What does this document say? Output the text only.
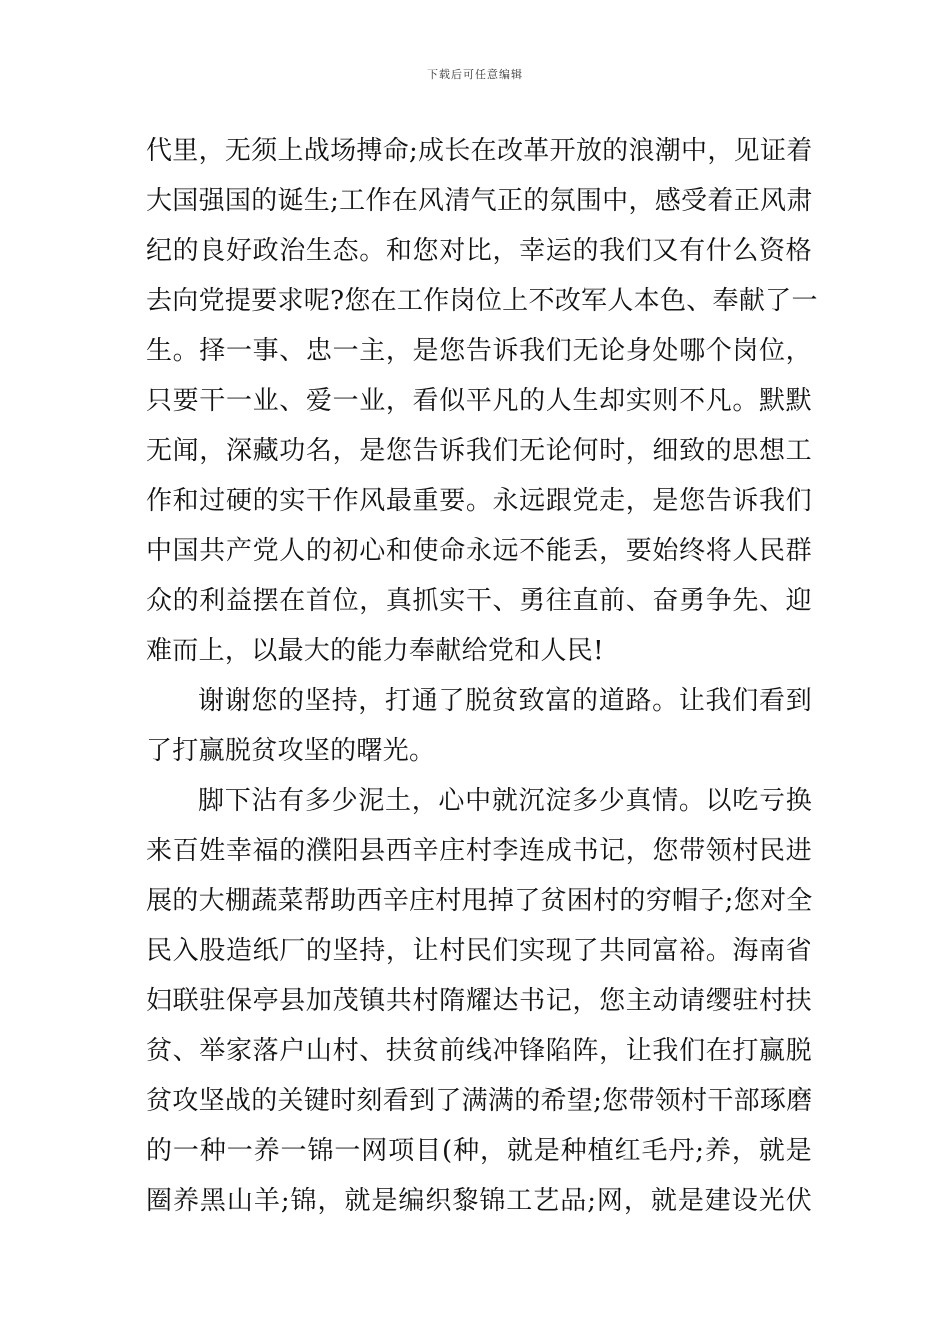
下载后可任意编辑
代里，无须上战场搏命;成长在改革开放的浪潮中，见证着
大国强国的诞生;工作在风清气正的氛围中，感受着正风肃
纪的良好政治生态。和您对比，幸运的我们又有什么资格
去向党提要求呢?您在工作岗位上不改军人本色、奉献了一
生。择一事、忠一主，是您告诉我们无论身处哪个岗位，
只要干一业、爱一业，看似平凡的人生却实则不凡。默默
无闻，深藏功名，是您告诉我们无论何时，细致的思想工
作和过硬的实干作风最重要。永远跟党走，是您告诉我们
中国共产党人的初心和使命永远不能丢，要始终将人民群
众的利益摆在首位，真抓实干、勇往直前、奋勇争先、迎
难而上，以最大的能力奉献给党和人民!
谢谢您的坚持，打通了脱贫致富的道路。让我们看到
了打赢脱贫攻坚的曙光。
脚下沾有多少泥土，心中就沉淀多少真情。以吃亏换
来百姓幸福的濮阳县西辛庄村李连成书记，您带领村民进
展的大棚蔬菜帮助西辛庄村甩掉了贫困村的穷帽子;您对全
民入股造纸厂的坚持，让村民们实现了共同富裕。海南省
妇联驻保亭县加茂镇共村隋耀达书记，您主动请缨驻村扶
贫、举家落户山村、扶贫前线冲锋陷阵，让我们在打赢脱
贫攻坚战的关键时刻看到了满满的希望;您带领村干部琢磨
的一种一养一锦一网项目(种，就是种植红毛丹;养，就是
圈养黑山羊;锦，就是编织黎锦工艺品;网，就是建设光伏
